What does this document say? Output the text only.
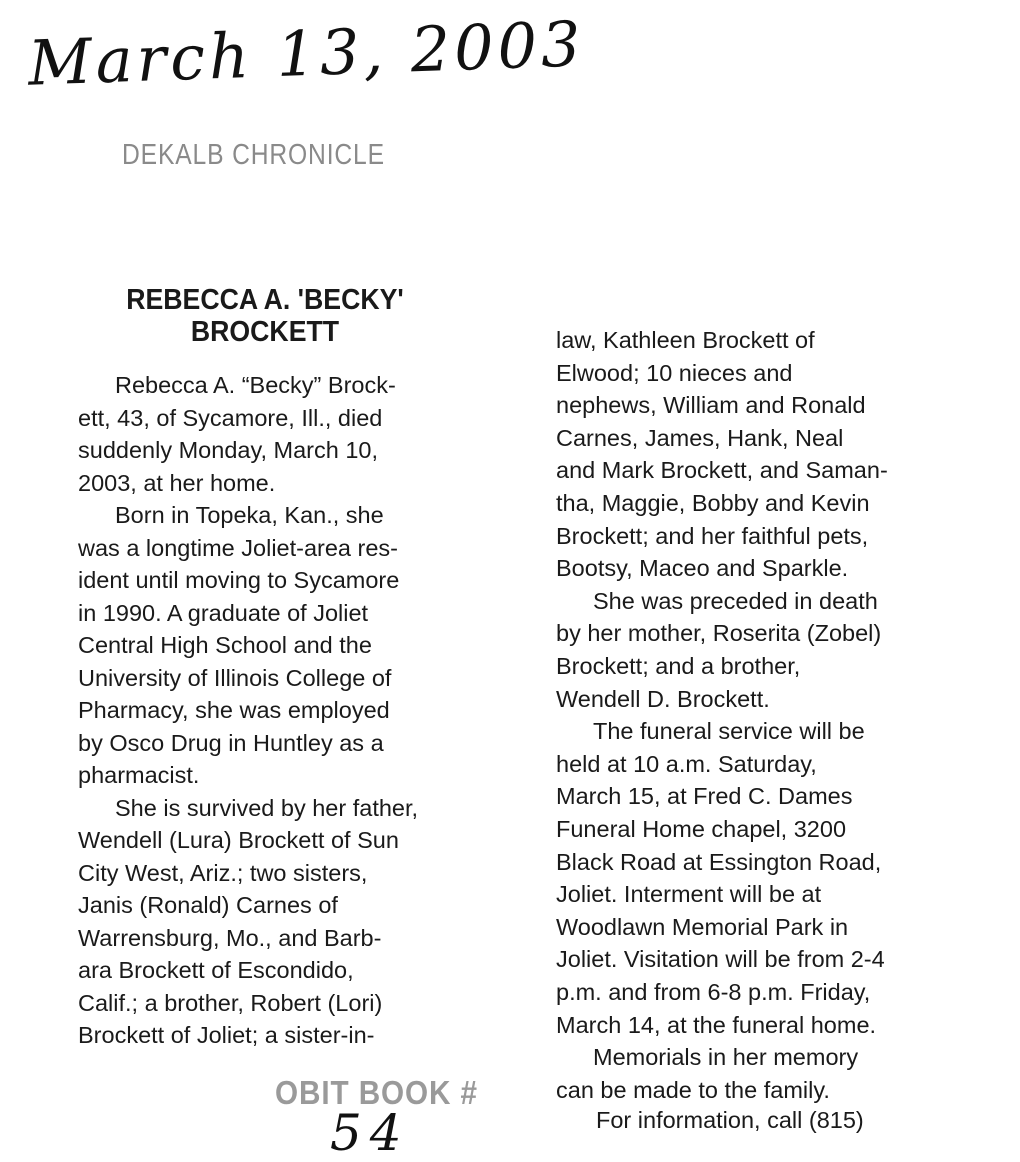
March 13, 2003
DEKALB CHRONICLE
REBECCA A. 'BECKY'
BROCKETT
Rebecca A. “Becky” Brock-
ett, 43, of Sycamore, Ill., died
suddenly Monday, March 10,
2003, at her home.
Born in Topeka, Kan., she
was a longtime Joliet-area res-
ident until moving to Sycamore
in 1990. A graduate of Joliet
Central High School and the
University of Illinois College of
Pharmacy, she was employed
by Osco Drug in Huntley as a
pharmacist.
She is survived by her father,
Wendell (Lura) Brockett of Sun
City West, Ariz.; two sisters,
Janis (Ronald) Carnes of
Warrensburg, Mo., and Barb-
ara Brockett of Escondido,
Calif.; a brother, Robert (Lori)
Brockett of Joliet; a sister-in-
law, Kathleen Brockett of
Elwood; 10 nieces and
nephews, William and Ronald
Carnes, James, Hank, Neal
and Mark Brockett, and Saman-
tha, Maggie, Bobby and Kevin
Brockett; and her faithful pets,
Bootsy, Maceo and Sparkle.
She was preceded in death
by her mother, Roserita (Zobel)
Brockett; and a brother,
Wendell D. Brockett.
The funeral service will be
held at 10 a.m. Saturday,
March 15, at Fred C. Dames
Funeral Home chapel, 3200
Black Road at Essington Road,
Joliet. Interment will be at
Woodlawn Memorial Park in
Joliet. Visitation will be from 2-4
p.m. and from 6-8 p.m. Friday,
March 14, at the funeral home.
Memorials in her memory
can be made to the family.
For information, call (815)
OBIT BOOK #
54
